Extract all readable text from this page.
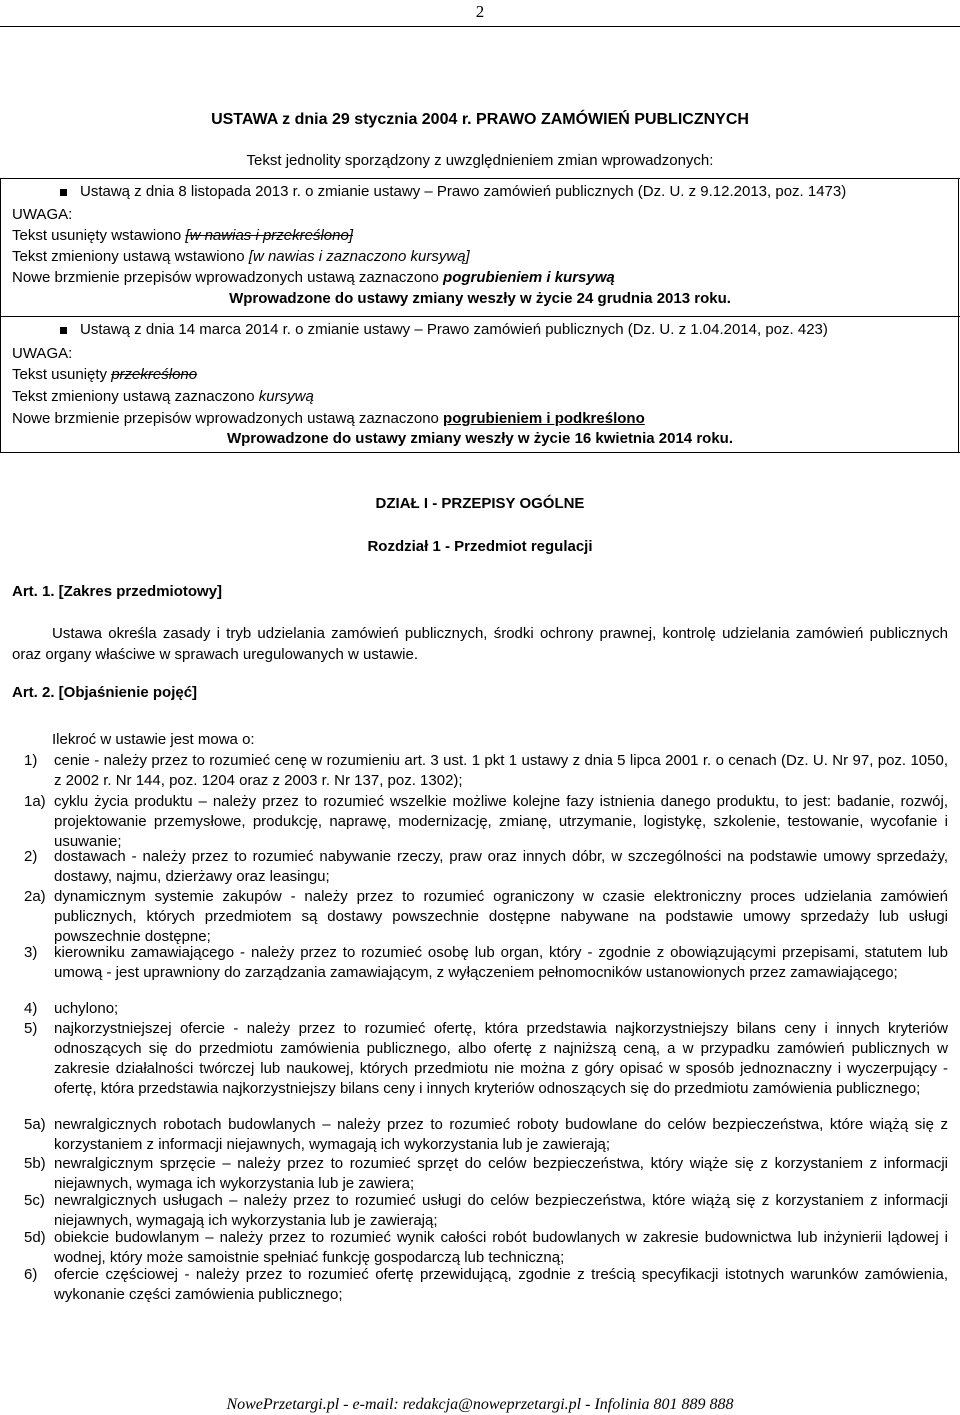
2
USTAWA z dnia 29 stycznia 2004 r. PRAWO ZAMÓWIEŃ PUBLICZNYCH
Tekst jednolity sporządzony z uwzględnieniem zmian wprowadzonych:
Ustawą z dnia 8 listopada 2013 r. o zmianie ustawy – Prawo zamówień publicznych (Dz. U. z 9.12.2013, poz. 1473)
UWAGA:
Tekst usunięty wstawiono [w nawias i przekreślono]
Tekst zmieniony ustawą wstawiono [w nawias i zaznaczono kursywą]
Nowe brzmienie przepisów wprowadzonych ustawą zaznaczono pogrubieniem i kursywą
Wprowadzone do ustawy zmiany weszły w życie 24 grudnia 2013 roku.
Ustawą z dnia 14 marca 2014 r. o zmianie ustawy – Prawo zamówień publicznych (Dz. U. z 1.04.2014, poz. 423)
UWAGA:
Tekst usunięty przekreślono
Tekst zmieniony ustawą zaznaczono kursywą
Nowe brzmienie przepisów wprowadzonych ustawą zaznaczono pogrubieniem i podkreślono
Wprowadzone do ustawy zmiany weszły w życie 16 kwietnia 2014 roku.
DZIAŁ I - PRZEPISY OGÓLNE
Rozdział 1 - Przedmiot regulacji
Art. 1. [Zakres przedmiotowy]
Ustawa określa zasady i tryb udzielania zamówień publicznych, środki ochrony prawnej, kontrolę udzielania zamówień publicznych oraz organy właściwe w sprawach uregulowanych w ustawie.
Art. 2. [Objaśnienie pojęć]
Ilekroć w ustawie jest mowa o:
1) cenie - należy przez to rozumieć cenę w rozumieniu art. 3 ust. 1 pkt 1 ustawy z dnia 5 lipca 2001 r. o cenach (Dz. U. Nr 97, poz. 1050, z 2002 r. Nr 144, poz. 1204 oraz z 2003 r. Nr 137, poz. 1302);
1a) cyklu życia produktu – należy przez to rozumieć wszelkie możliwe kolejne fazy istnienia danego produktu, to jest: badanie, rozwój, projektowanie przemysłowe, produkcję, naprawę, modernizację, zmianę, utrzymanie, logistykę, szkolenie, testowanie, wycofanie i usuwanie;
2) dostawach - należy przez to rozumieć nabywanie rzeczy, praw oraz innych dóbr, w szczególności na podstawie umowy sprzedaży, dostawy, najmu, dzierżawy oraz leasingu;
2a) dynamicznym systemie zakupów - należy przez to rozumieć ograniczony w czasie elektroniczny proces udzielania zamówień publicznych, których przedmiotem są dostawy powszechnie dostępne nabywane na podstawie umowy sprzedaży lub usługi powszechnie dostępne;
3) kierowniku zamawiającego - należy przez to rozumieć osobę lub organ, który - zgodnie z obowiązującymi przepisami, statutem lub umową - jest uprawniony do zarządzania zamawiającym, z wyłączeniem pełnomocników ustanowionych przez zamawiającego;
4) uchylono;
5) najkorzystniejszej ofercie - należy przez to rozumieć ofertę, która przedstawia najkorzystniejszy bilans ceny i innych kryteriów odnoszących się do przedmiotu zamówienia publicznego, albo ofertę z najniższą ceną, a w przypadku zamówień publicznych w zakresie działalności twórczej lub naukowej, których przedmiotu nie można z góry opisać w sposób jednoznaczny i wyczerpujący - ofertę, która przedstawia najkorzystniejszy bilans ceny i innych kryteriów odnoszących się do przedmiotu zamówienia publicznego;
5a) newralgicznych robotach budowlanych – należy przez to rozumieć roboty budowlane do celów bezpieczeństwa, które wiążą się z korzystaniem z informacji niejawnych, wymagają ich wykorzystania lub je zawierają;
5b) newralgicznym sprzęcie – należy przez to rozumieć sprzęt do celów bezpieczeństwa, który wiąże się z korzystaniem z informacji niejawnych, wymaga ich wykorzystania lub je zawiera;
5c) newralgicznych usługach – należy przez to rozumieć usługi do celów bezpieczeństwa, które wiążą się z korzystaniem z informacji niejawnych, wymagają ich wykorzystania lub je zawierają;
5d) obiekcie budowlanym – należy przez to rozumieć wynik całości robót budowlanych w zakresie budownictwa lub inżynierii lądowej i wodnej, który może samoistnie spełniać funkcję gospodarczą lub techniczną;
6) ofercie częściowej - należy przez to rozumieć ofertę przewidującą, zgodnie z treścią specyfikacji istotnych warunków zamówienia, wykonanie części zamówienia publicznego;
NowePrzetargi.pl - e-mail: redakcja@noweprzetargi.pl - Infolinia 801 889 888
